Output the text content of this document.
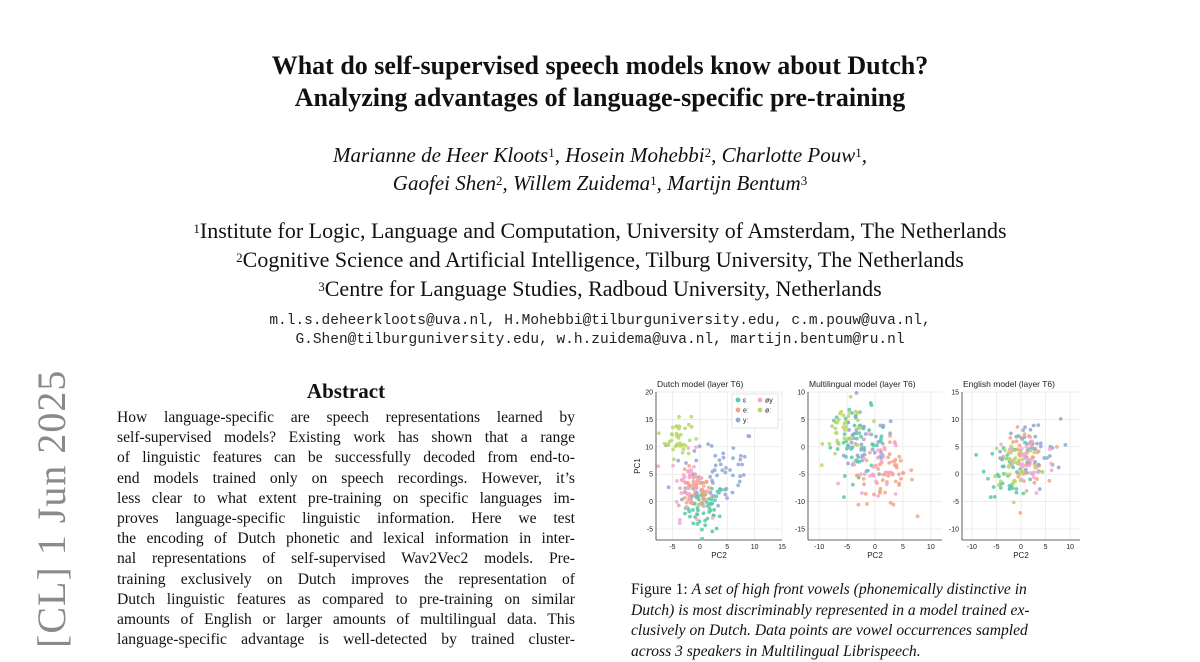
What do self-supervised speech models know about Dutch?
Analyzing advantages of language-specific pre-training
Marianne de Heer Kloots$^1$, Hosein Mohebbi$^2$, Charlotte Pouw$^1$,
Gaofei Shen$^2$, Willem Zuidema$^1$, Martijn Bentum$^3$
$^1$Institute for Logic, Language and Computation, University of Amsterdam, The Netherlands
$^2$Cognitive Science and Artificial Intelligence, Tilburg University, The Netherlands
$^3$Centre for Language Studies, Radboud University, Netherlands
m.l.s.deheerkloots@uva.nl, H.Mohebbi@tilburguniversity.edu, c.m.pouw@uva.nl,
G.Shen@tilburguniversity.edu, w.h.zuidema@uva.nl, martijn.bentum@ru.nl
[CL] 1 Jun 2025	Abstract
How language-specific are speech representations learned by
self-supervised models? Existing work has shown that a range
of linguistic features can be successfully decoded from end-to-
end models trained only on speech recordings. However, it’s
less clear to what extent pre-training on specific languages im-
proves language-specific linguistic information. Here we test
the encoding of Dutch phonetic and lexical information in inter-
nal representations of self-supervised Wav2Vec2 models. Pre-
training exclusively on Dutch improves the representation of
Dutch linguistic features as compared to pre-training on similar
amounts of English or larger amounts of multilingual data. This
language-specific advantage is well-detected by trained cluster-
-5	0	5	10	15
-5
0
5
10
15
20
Dutch model (layer T6)
PC2
PC1
ɛ
eː
yː
øy
øː
-10	-5	0	5	10
-15
-10
-5
0
5
10
Multilingual model (layer T6)
PC2
-10 -5	0	5	10
-10
-5
0
5
10
15
English model (layer T6)
PC2
Figure 1: A set of high front vowels (phonemically distinctive in
Dutch) is most discriminably represented in a model trained ex-
clusively on Dutch. Data points are vowel occurrences sampled
across 3 speakers in Multilingual Librispeech.
